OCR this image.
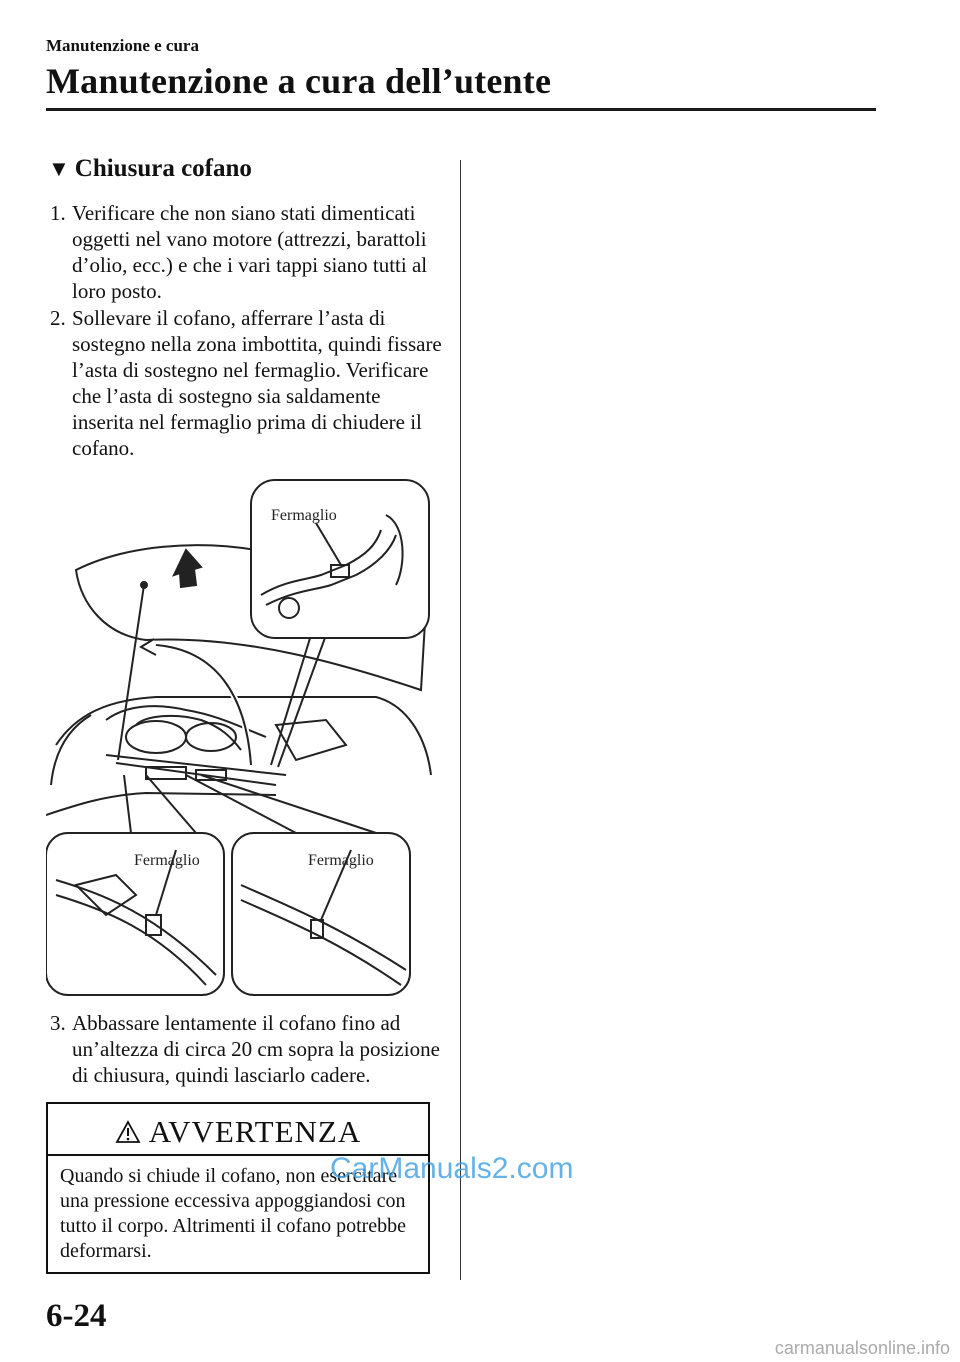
Manutenzione e cura
Manutenzione a cura dell’utente
▼ Chiusura cofano
1. Verificare che non siano stati dimenticati oggetti nel vano motore (attrezzi, barattoli d’olio, ecc.) e che i vari tappi siano tutti al loro posto.
2. Sollevare il cofano, afferrare l’asta di sostegno nella zona imbottita, quindi fissare l’asta di sostegno nel fermaglio. Verificare che l’asta di sostegno sia saldamente inserita nel fermaglio prima di chiudere il cofano.
Fermaglio
Fermaglio	Fermaglio
3. Abbassare lentamente il cofano fino ad un’altezza di circa 20 cm sopra la posizione di chiusura, quindi lasciarlo cadere.
AVVERTENZA
Quando si chiude il cofano, non esercitare una pressione eccessiva appoggiandosi con tutto il corpo. Altrimenti il cofano potrebbe deformarsi.
CarManuals2.com
6-24
carmanualsonline.info
